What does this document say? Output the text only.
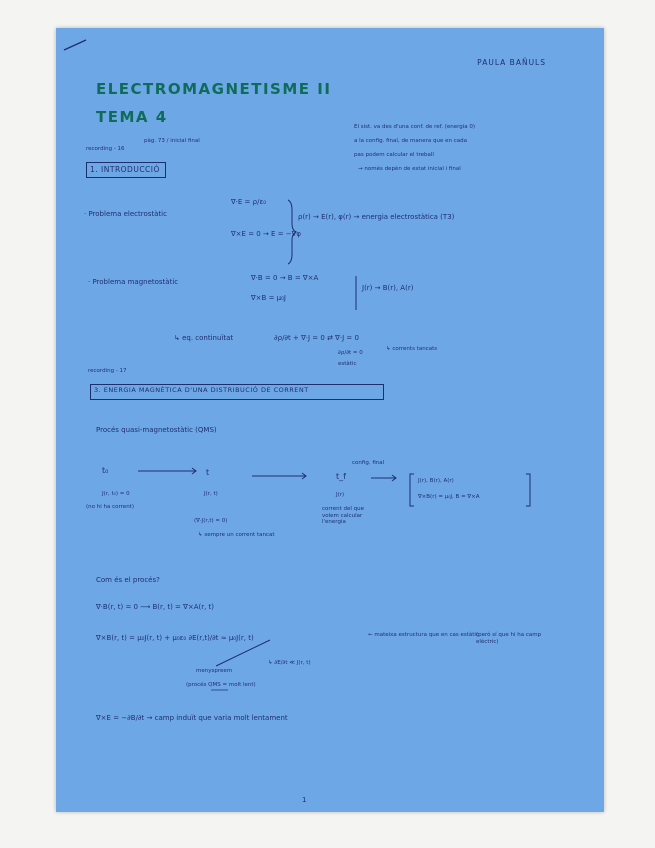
PAULA BAÑULS
ELECTROMAGNETISME II
TEMA 4
recording - 16
pàg. 73 / inicial final
1. INTRODUCCIÓ
El sist. va des d'una conf. de ref. (energia 0)
a la config. final, de manera que en cada
pas podem calcular el treball
→ només depèn de estat inicial i final
· Problema electrostàtic
∇·E = ρ/ε₀
∇×E = 0 → E = −∇φ
ρ(r) → E(r), φ(r) → energia electrostàtica (T3)
· Problema magnetostàtic	∇·B = 0 → B = ∇×A
∇×B = μ₀J
J(r) → B(r), A(r)
↳ eq. continuïtat	∂ρ/∂t + ∇·J = 0 ⇄ ∇·J = 0
∂ρ/∂t = 0
estàtic
↳ corrents tancats
recording - 17
3. ENERGIA MAGNÈTICA D'UNA DISTRIBUCIÓ DE CORRENT
Procés quasi-magnetostàtic (QMS)
t₀	t	t_f
config. final
J(r, t₀) = 0
(no hi ha corrent)
J(r, t)
(∇·J(r,t) = 0)
↳ sempre un corrent tancat
J(r)
corrent del que volem calcular l'energia
J(r), B(r), A(r)
∇×B(r) = μ₀J, B = ∇×A
Com és el procés?
∇·B(r, t) = 0 ⟶ B(r, t) = ∇×A(r, t)
∇×B(r, t) = μ₀J(r, t) + μ₀ε₀ ∂E(r,t)/∂t ≈ μ₀J(r, t)	← mateixa estructura que en cas estàtic
(però sí que hi ha camp elèctric)
menyspreem
(procés QMS = molt lent)
↳ ∂E/∂t ≪ J(r, t)
∇×E = −∂B/∂t → camp induït que varia molt lentament
1
